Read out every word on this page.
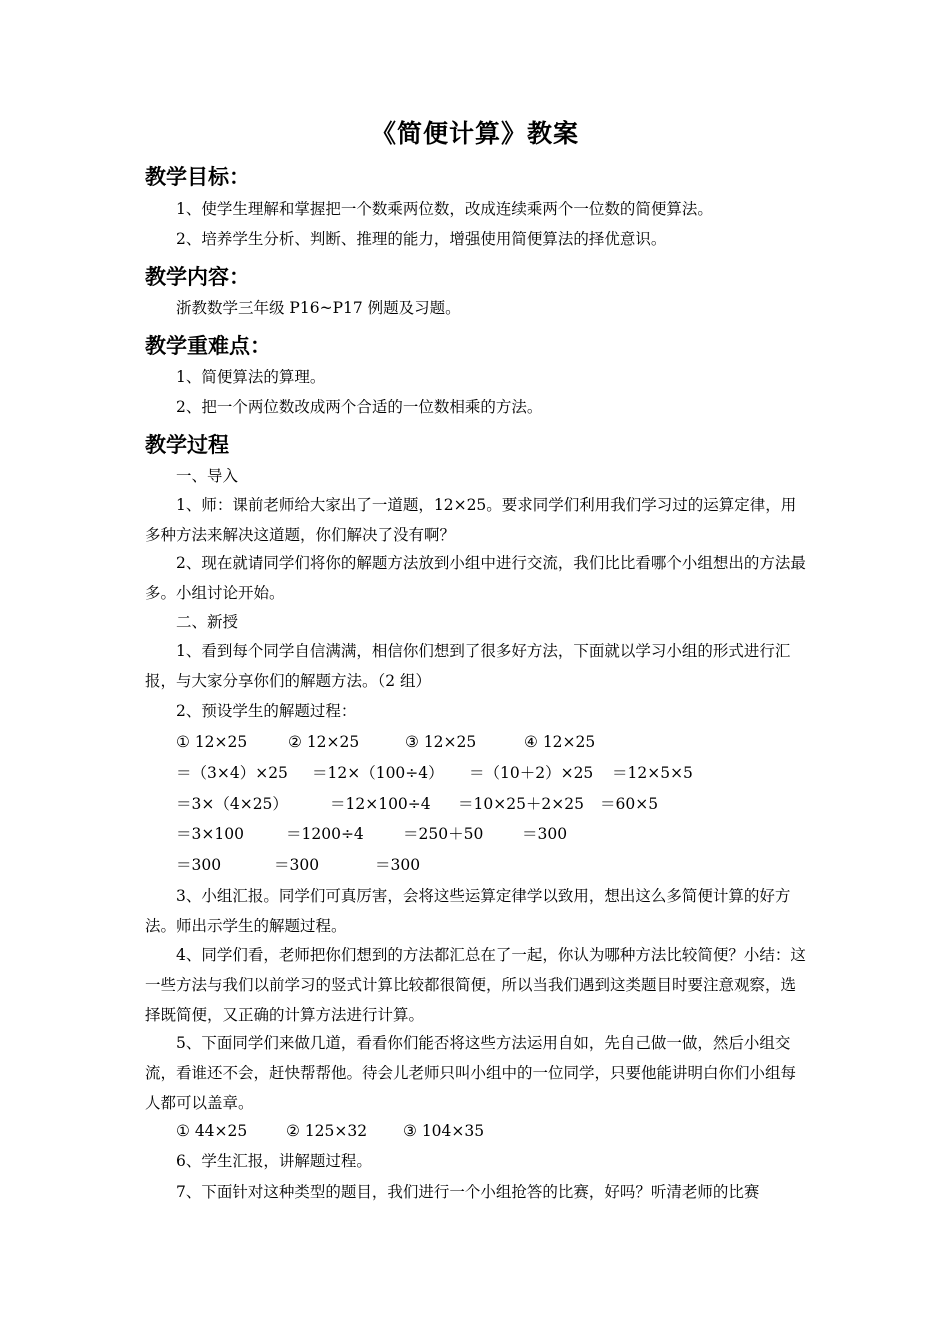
《简便计算》教案
教学目标：
1、使学生理解和掌握把一个数乘两位数，改成连续乘两个一位数的简便算法。
2、培养学生分析、判断、推理的能力，增强使用简便算法的择优意识。
教学内容：
浙教数学三年级 P16~P17 例题及习题。
教学重难点：
1、简便算法的算理。
2、把一个两位数改成两个合适的一位数相乘的方法。
教学过程
一、导入
1、师：课前老师给大家出了一道题，12×25。要求同学们利用我们学习过的运算定律，用多种方法来解决这道题，你们解决了没有啊？
2、现在就请同学们将你的解题方法放到小组中进行交流，我们比比看哪个小组想出的方法最多。小组讨论开始。
二、新授
1、看到每个同学自信满满，相信你们想到了很多好方法，下面就以学习小组的形式进行汇报，与大家分享你们的解题方法。（2 组）
2、预设学生的解题过程：
① 12×25	② 12×25	③ 12×25	④ 12×25
＝（3×4）×25 ＝12×（100÷4） ＝（10＋2）×25 ＝12×5×5
＝3×（4×25）	＝12×100÷4 ＝10×25＋2×25 ＝60×5
＝3×100	＝1200÷4	＝250＋50 ＝300
＝300	＝300	＝300
3、小组汇报。同学们可真厉害，会将这些运算定律学以致用，想出这么多简便计算的好方法。师出示学生的解题过程。
4、同学们看，老师把你们想到的方法都汇总在了一起，你认为哪种方法比较简便？小结：这一些方法与我们以前学习的竖式计算比较都很简便，所以当我们遇到这类题目时要注意观察，选择既简便，又正确的计算方法进行计算。
5、下面同学们来做几道，看看你们能否将这些方法运用自如，先自己做一做，然后小组交流，看谁还不会，赶快帮帮他。待会儿老师只叫小组中的一位同学，只要他能讲明白你们小组每人都可以盖章。
① 44×25 ② 125×32 ③ 104×35
6、学生汇报，讲解题过程。
7、下面针对这种类型的题目，我们进行一个小组抢答的比赛，好吗？听清老师的比赛
